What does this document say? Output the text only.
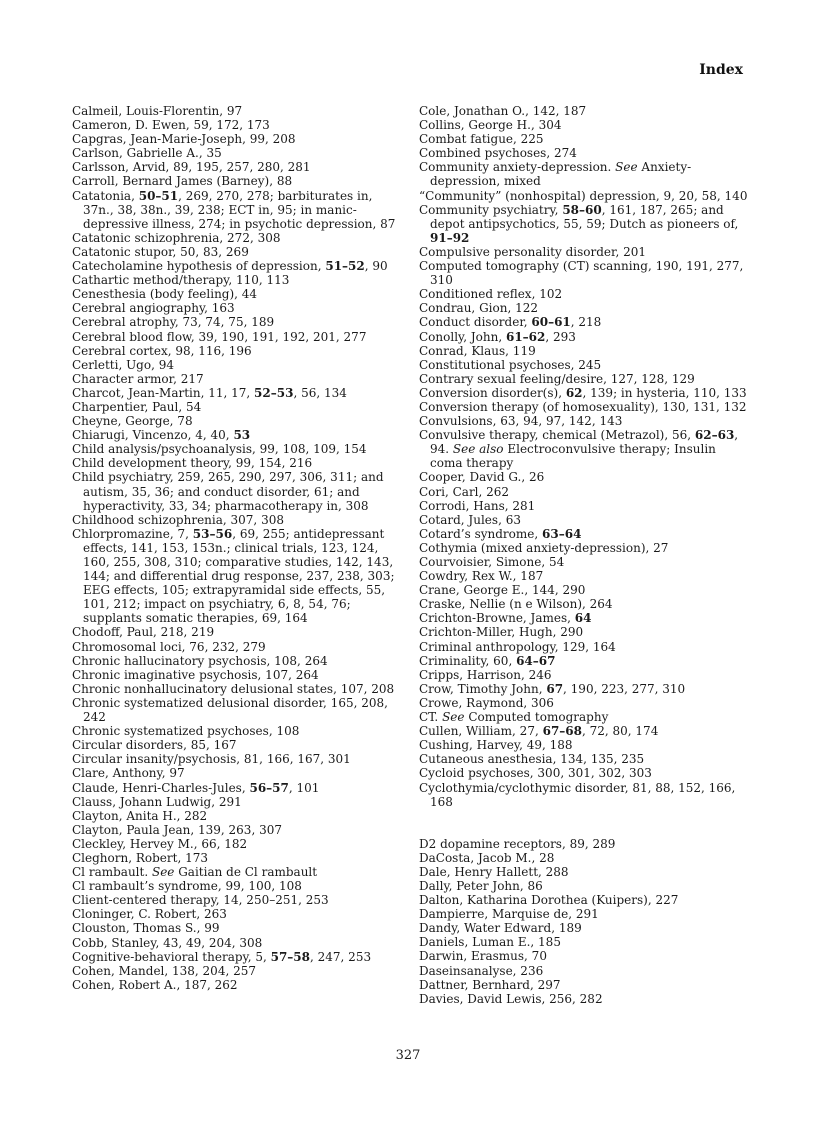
Index

Calmeil, Louis-Florentin, 97

Cameron, D. Ewen, 59, 172, 173

Capgras, Jean-Marie-Joseph, 99, 208

Carlson, Gabrielle A., 35

Carlsson, Arvid, 89, 195, 257, 280, 281

Carroll, Bernard James (Barney), 88

Catatonia, 50–51, 269, 270, 278; barbiturates in, 37n., 38, 38n., 39, 238; ECT in, 95; in manic-depressive illness, 274; in psychotic depression, 87

Catatonic schizophrenia, 272, 308

Catatonic stupor, 50, 83, 269

Catecholamine hypothesis of depression, 51–52, 90

Cathartic method/therapy, 110, 113

Cenesthesia (body feeling), 44

Cerebral angiography, 163

Cerebral atrophy, 73, 74, 75, 189

Cerebral blood flow, 39, 190, 191, 192, 201, 277

Cerebral cortex, 98, 116, 196

Cerletti, Ugo, 94

Character armor, 217

Charcot, Jean-Martin, 11, 17, 52–53, 56, 134

Charpentier, Paul, 54

Cheyne, George, 78

Chiarugi, Vincenzo, 4, 40, 53

Child analysis/psychoanalysis, 99, 108, 109, 154

Child development theory, 99, 154, 216

Child psychiatry, 259, 265, 290, 297, 306, 311; and autism, 35, 36; and conduct disorder, 61; and hyperactivity, 33, 34; pharmacotherapy in, 308

Childhood schizophrenia, 307, 308

Chlorpromazine, 7, 53–56, 69, 255; antidepressant effects, 141, 153, 153n.; clinical trials, 123, 124, 160, 255, 308, 310; comparative studies, 142, 143, 144; and differential drug response, 237, 238, 303; EEG effects, 105; extrapyramidal side effects, 55, 101, 212; impact on psychiatry, 6, 8, 54, 76; supplants somatic therapies, 69, 164

Chodoff, Paul, 218, 219

Chromosomal loci, 76, 232, 279

Chronic hallucinatory psychosis, 108, 264

Chronic imaginative psychosis, 107, 264

Chronic nonhallucinatory delusional states, 107, 208

Chronic systematized delusional disorder, 165, 208, 242

Chronic systematized psychoses, 108

Circular disorders, 85, 167

Circular insanity/psychosis, 81, 166, 167, 301

Clare, Anthony, 97

Claude, Henri-Charles-Jules, 56–57, 101

Clauss, Johann Ludwig, 291

Clayton, Anita H., 282

Clayton, Paula Jean, 139, 263, 307

Cleckley, Hervey M., 66, 182

Cleghorn, Robert, 173

Cl rambault. See Gaitian de Cl rambault

Cl rambault’s syndrome, 99, 100, 108

Client-centered therapy, 14, 250–251, 253

Cloninger, C. Robert, 263

Clouston, Thomas S., 99

Cobb, Stanley, 43, 49, 204, 308

Cognitive-behavioral therapy, 5, 57–58, 247, 253

Cohen, Mandel, 138, 204, 257

Cohen, Robert A., 187, 262

Cole, Jonathan O., 142, 187

Collins, George H., 304

Combat fatigue, 225

Combined psychoses, 274

Community anxiety-depression. See Anxiety-depression, mixed

“Community” (nonhospital) depression, 9, 20, 58, 140

Community psychiatry, 58–60, 161, 187, 265; and depot antipsychotics, 55, 59; Dutch as pioneers of, 91–92

Compulsive personality disorder, 201

Computed tomography (CT) scanning, 190, 191, 277, 310

Conditioned reflex, 102

Condrau, Gion, 122

Conduct disorder, 60–61, 218

Conolly, John, 61–62, 293

Conrad, Klaus, 119

Constitutional psychoses, 245

Contrary sexual feeling/desire, 127, 128, 129

Conversion disorder(s), 62, 139; in hysteria, 110, 133

Conversion therapy (of homosexuality), 130, 131, 132

Convulsions, 63, 94, 97, 142, 143

Convulsive therapy, chemical (Metrazol), 56, 62–63, 94. See also Electroconvulsive therapy; Insulin coma therapy

Cooper, David G., 26

Cori, Carl, 262

Corrodi, Hans, 281

Cotard, Jules, 63

Cotard’s syndrome, 63–64

Cothymia (mixed anxiety-depression), 27

Courvoisier, Simone, 54

Cowdry, Rex W., 187

Crane, George E., 144, 290

Craske, Nellie (n e Wilson), 264

Crichton-Browne, James, 64

Crichton-Miller, Hugh, 290

Criminal anthropology, 129, 164

Criminality, 60, 64–67

Cripps, Harrison, 246

Crow, Timothy John, 67, 190, 223, 277, 310

Crowe, Raymond, 306

CT. See Computed tomography

Cullen, William, 27, 67–68, 72, 80, 174

Cushing, Harvey, 49, 188

Cutaneous anesthesia, 134, 135, 235

Cycloid psychoses, 300, 301, 302, 303

Cyclothymia/cyclothymic disorder, 81, 88, 152, 166, 168

D2 dopamine receptors, 89, 289

DaCosta, Jacob M., 28

Dale, Henry Hallett, 288

Dally, Peter John, 86

Dalton, Katharina Dorothea (Kuipers), 227

Dampierre, Marquise de, 291

Dandy, Water Edward, 189

Daniels, Luman E., 185

Darwin, Erasmus, 70

Daseinsanalyse, 236

Dattner, Bernhard, 297

Davies, David Lewis, 256, 282

327
